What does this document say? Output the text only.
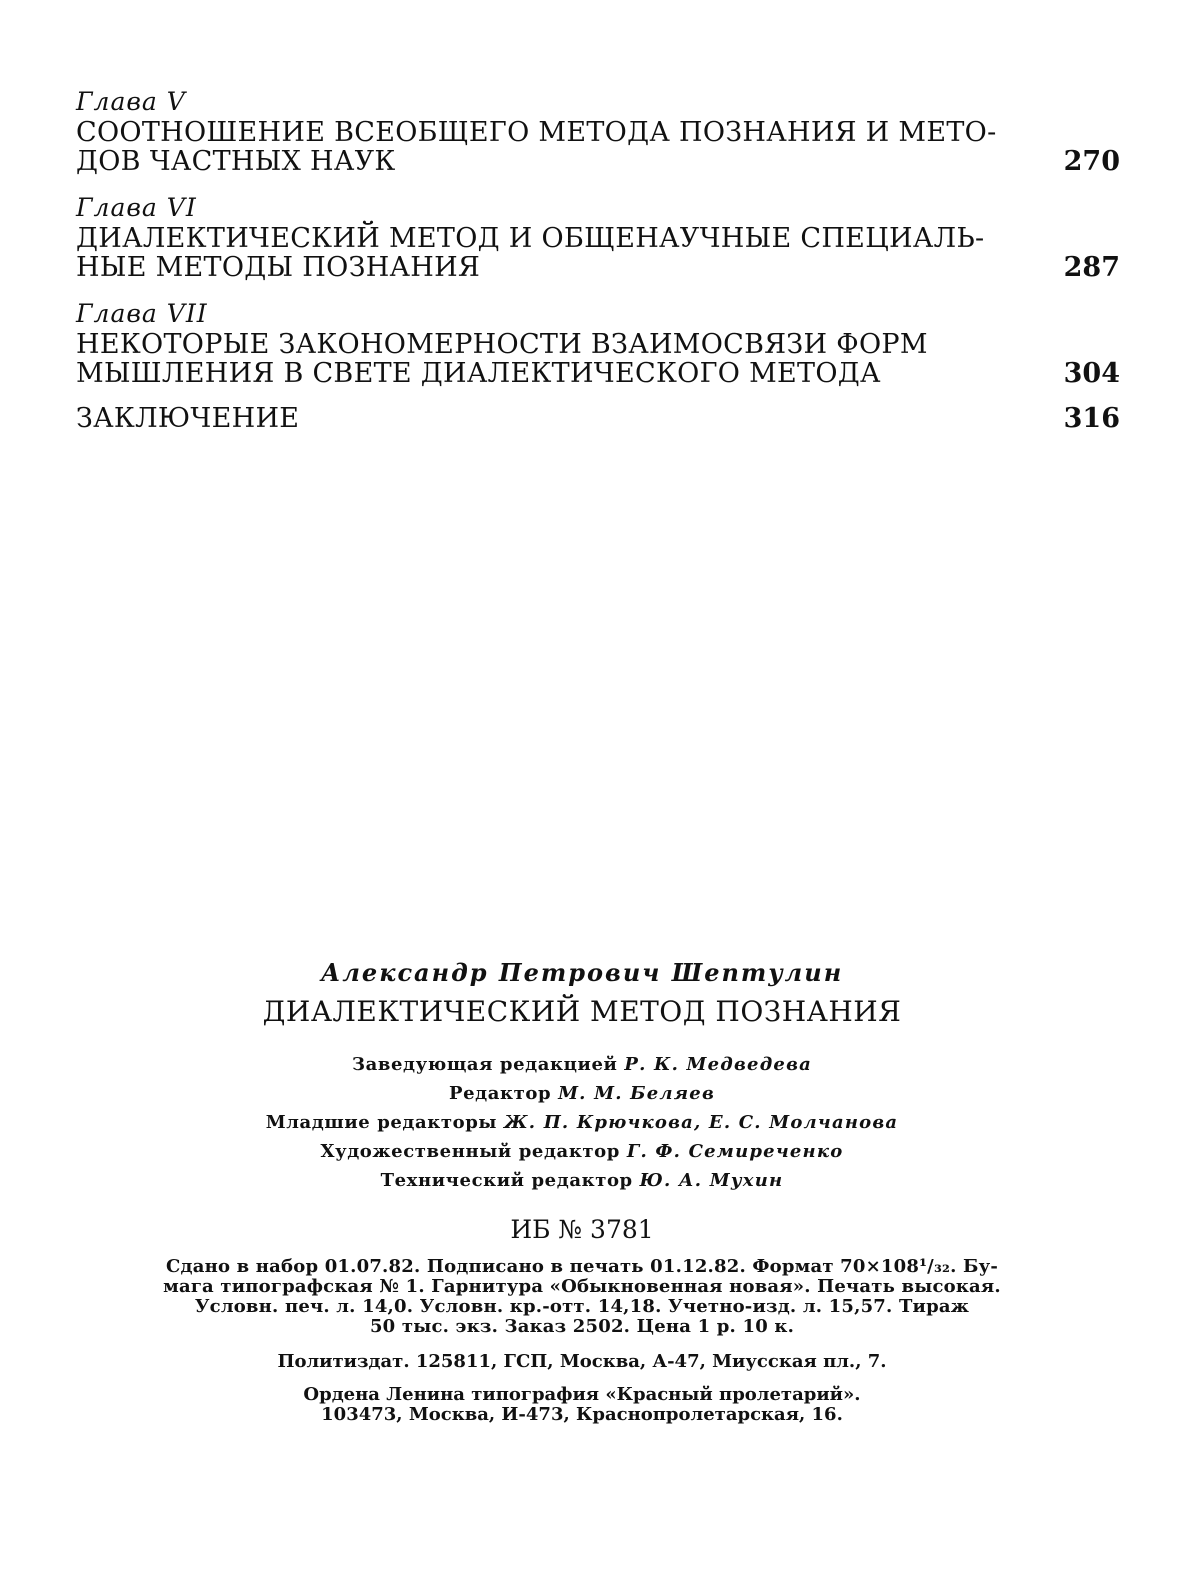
Глава V
СООТНОШЕНИЕ ВСЕОБЩЕГО МЕТОДА ПОЗНАНИЯ И МЕТО-
ДОВ ЧАСТНЫХ НАУК	270
Глава VI
ДИАЛЕКТИЧЕСКИЙ МЕТОД И ОБЩЕНАУЧНЫЕ СПЕЦИАЛЬ-
НЫЕ МЕТОДЫ ПОЗНАНИЯ	287
Глава VII
НЕКОТОРЫЕ ЗАКОНОМЕРНОСТИ ВЗАИМОСВЯЗИ ФОРМ
МЫШЛЕНИЯ В СВЕТЕ ДИАЛЕКТИЧЕСКОГО МЕТОДА	304
ЗАКЛЮЧЕНИЕ	316
Александр Петрович Шептулин
ДИАЛЕКТИЧЕСКИЙ МЕТОД ПОЗНАНИЯ
Заведующая редакцией Р. К. Медведева
Редактор М. М. Беляев
Младшие редакторы Ж. П. Крючкова, Е. С. Молчанова
Художественный редактор Г. Ф. Семиреченко
Технический редактор Ю. А. Мухин
ИБ № 3781
Сдано в набор 01.07.82. Подписано в печать 01.12.82. Формат 70×108¹/₃₂. Бу-
мага типографская № 1. Гарнитура «Обыкновенная новая». Печать высокая.
Условн. печ. л. 14,0. Условн. кр.-отт. 14,18. Учетно-изд. л. 15,57. Тираж
50 тыс. экз. Заказ 2502. Цена 1 р. 10 к.
Политиздат. 125811, ГСП, Москва, А-47, Миусская пл., 7.
Ордена Ленина типография «Красный пролетарий».
103473, Москва, И-473, Краснопролетарская, 16.
